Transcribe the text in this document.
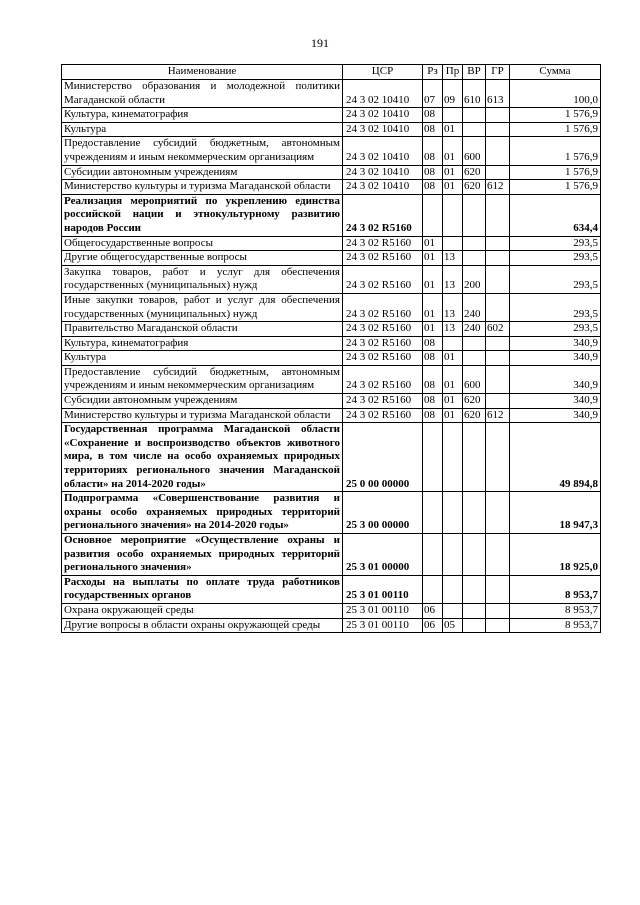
191
Наименование	ЦСР	Рз	Пр	ВР	ГР	Сумма
Министерство образования и молодежной политики Магаданской области	24 3 02 10410	07	09	610	613	100,0
Культура, кинематография	24 3 02 10410	08				1 576,9
Культура	24 3 02 10410	08	01			1 576,9
Предоставление субсидий бюджетным, автономным учреждениям и иным некоммерческим организациям	24 3 02 10410	08	01	600		1 576,9
Субсидии автономным учреждениям	24 3 02 10410	08	01	620		1 576,9
Министерство культуры и туризма Магаданской области	24 3 02 10410	08	01	620	612	1 576,9
Реализация мероприятий по укреплению единства российской нации и этнокультурному развитию народов России	24 3 02 R5160					634,4
Общегосударственные вопросы	24 3 02 R5160	01				293,5
Другие общегосударственные вопросы	24 3 02 R5160	01	13			293,5
Закупка товаров, работ и услуг для обеспечения государственных (муниципальных) нужд	24 3 02 R5160	01	13	200		293,5
Иные закупки товаров, работ и услуг для обеспечения государственных (муниципальных) нужд	24 3 02 R5160	01	13	240		293,5
Правительство Магаданской области	24 3 02 R5160	01	13	240	602	293,5
Культура, кинематография	24 3 02 R5160	08				340,9
Культура	24 3 02 R5160	08	01			340,9
Предоставление субсидий бюджетным, автономным учреждениям и иным некоммерческим организациям	24 3 02 R5160	08	01	600		340,9
Субсидии автономным учреждениям	24 3 02 R5160	08	01	620		340,9
Министерство культуры и туризма Магаданской области	24 3 02 R5160	08	01	620	612	340,9
Государственная программа Магаданской области «Сохранение и воспроизводство объектов животного мира, в том числе на особо охраняемых природных территориях регионального значения Магаданской области» на 2014-2020 годы»	25 0 00 00000					49 894,8
Подпрограмма «Совершенствование развития и охраны особо охраняемых природных территорий регионального значения» на 2014-2020 годы»	25 3 00 00000					18 947,3
Основное мероприятие «Осуществление охраны и развития особо охраняемых природных территорий регионального значения»	25 3 01 00000					18 925,0
Расходы на выплаты по оплате труда работников государственных органов	25 3 01 00110					8 953,7
Охрана окружающей среды	25 3 01 00110	06				8 953,7
Другие вопросы в области охраны окружающей среды	25 3 01 00110	06	05			8 953,7
